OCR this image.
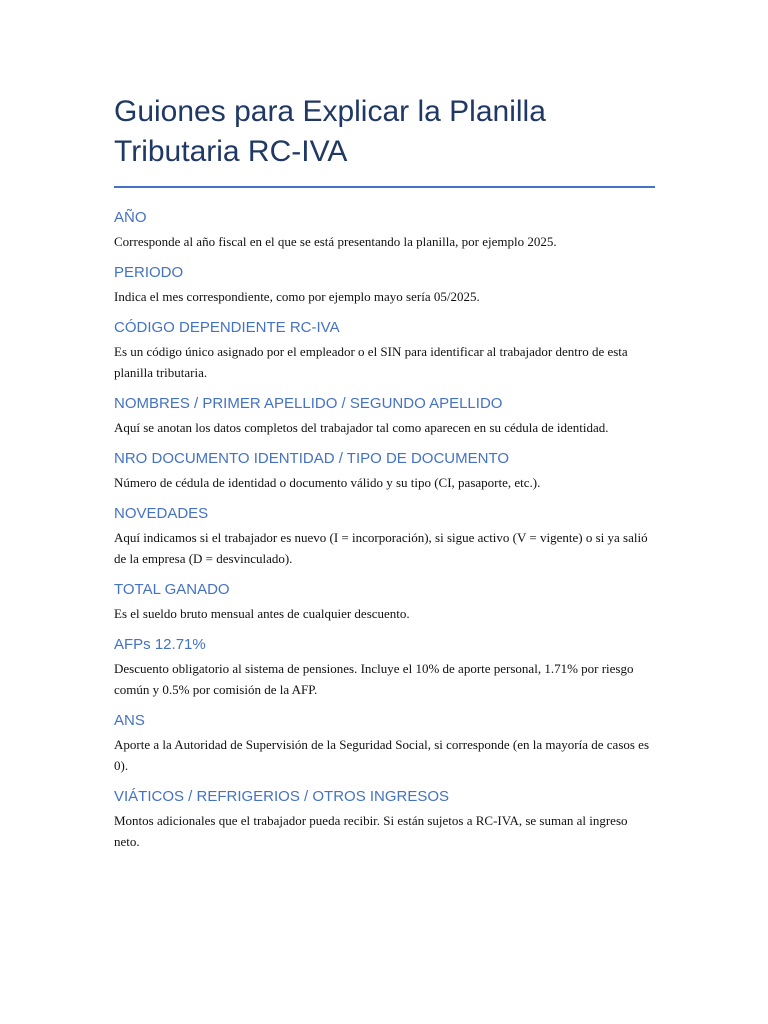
Guiones para Explicar la Planilla
Tributaria RC-IVA
AÑO

Corresponde al año fiscal en el que se está presentando la planilla, por ejemplo 2025.

PERIODO

Indica el mes correspondiente, como por ejemplo mayo sería 05/2025.

CÓDIGO DEPENDIENTE RC-IVA

Es un código único asignado por el empleador o el SIN para identificar al trabajador dentro de esta planilla tributaria.

NOMBRES / PRIMER APELLIDO / SEGUNDO APELLIDO

Aquí se anotan los datos completos del trabajador tal como aparecen en su cédula de identidad.

NRO DOCUMENTO IDENTIDAD / TIPO DE DOCUMENTO

Número de cédula de identidad o documento válido y su tipo (CI, pasaporte, etc.).

NOVEDADES

Aquí indicamos si el trabajador es nuevo (I = incorporación), si sigue activo (V = vigente) o si ya salió de la empresa (D = desvinculado).

TOTAL GANADO

Es el sueldo bruto mensual antes de cualquier descuento.

AFPs 12.71%

Descuento obligatorio al sistema de pensiones. Incluye el 10% de aporte personal, 1.71% por riesgo común y 0.5% por comisión de la AFP.

ANS

Aporte a la Autoridad de Supervisión de la Seguridad Social, si corresponde (en la mayoría de casos es 0).

VIÁTICOS / REFRIGERIOS / OTROS INGRESOS

Montos adicionales que el trabajador pueda recibir. Si están sujetos a RC-IVA, se suman al ingreso neto.
